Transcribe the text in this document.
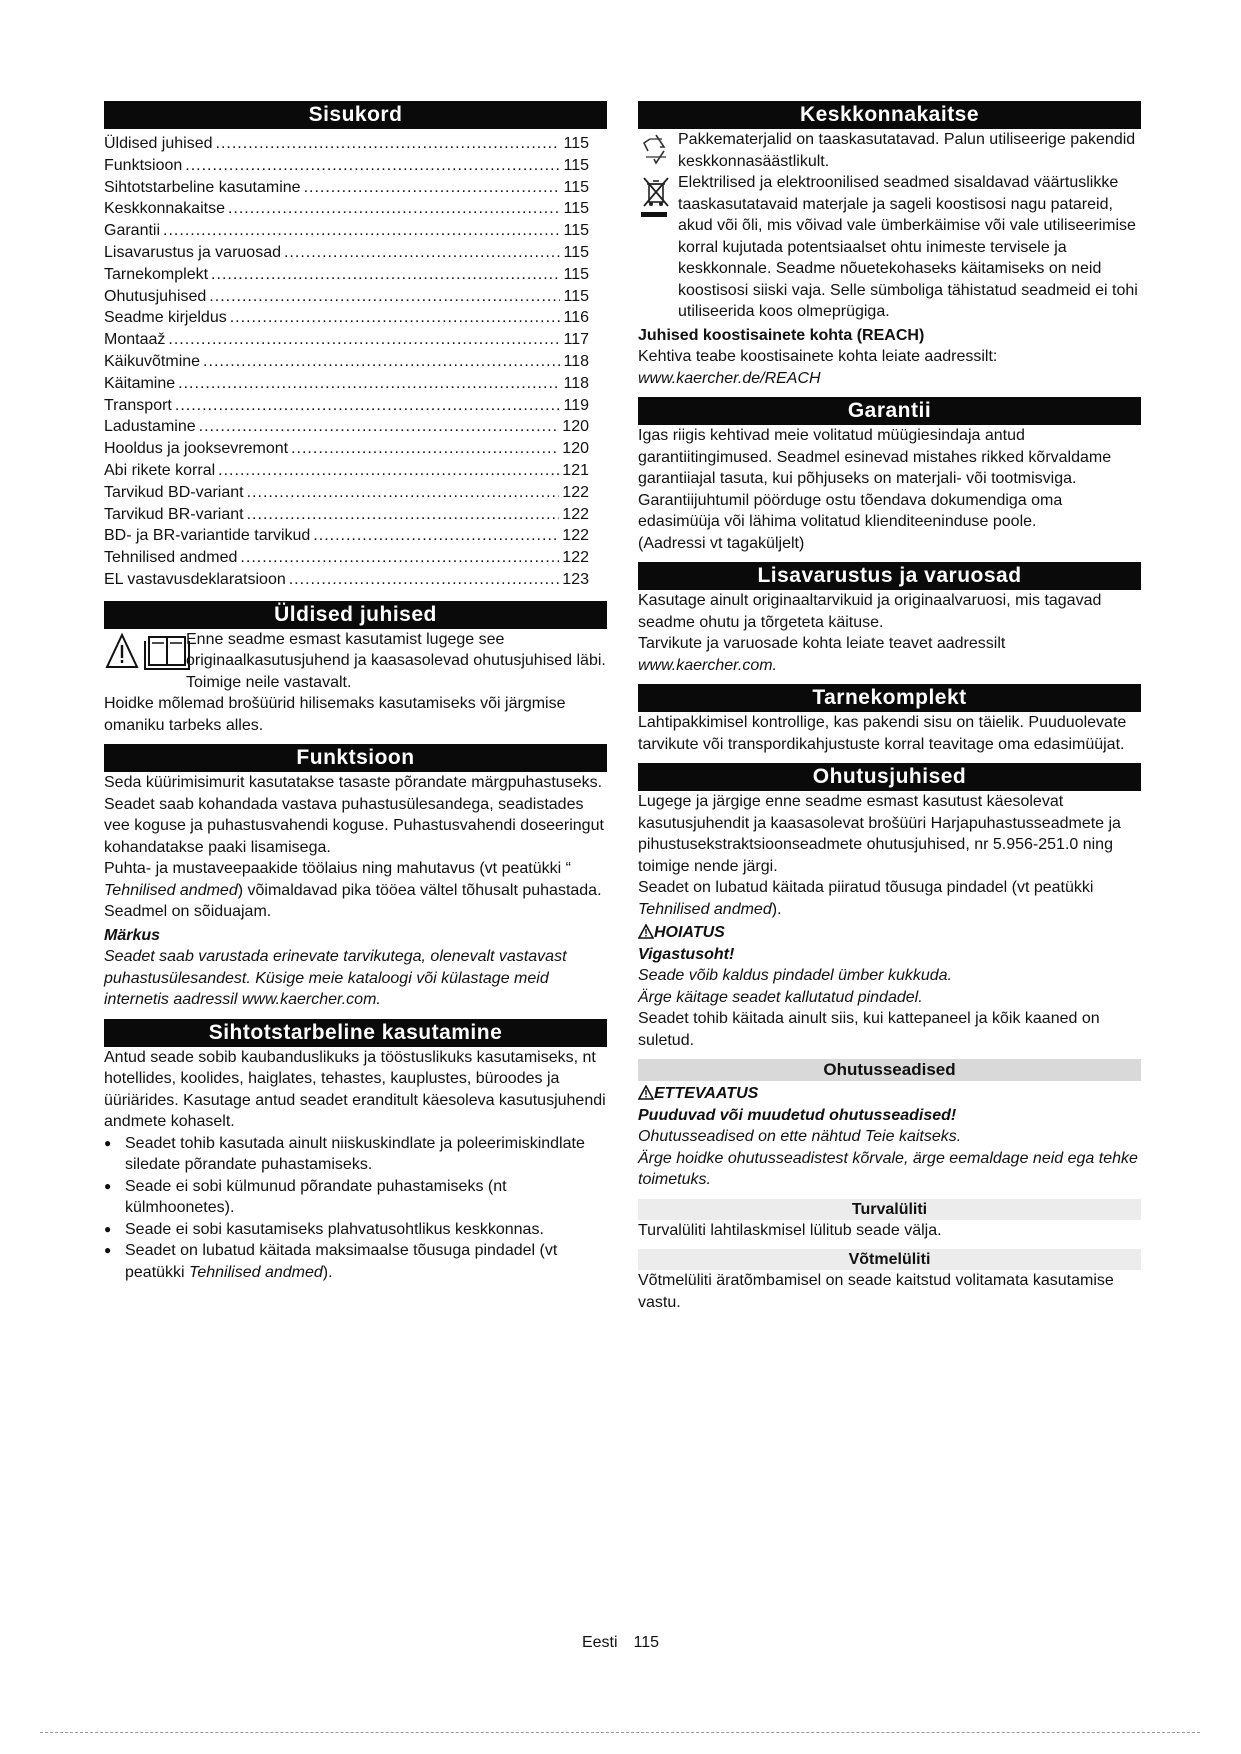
Sisukord
Üldised juhised .....	115
Funktsioon .....	115
Sihtotstarbeline kasutamine .....	115
Keskkonnakaitse .....	115
Garantii .....	115
Lisavarustus ja varuosad .....	115
Tarnekomplekt .....	115
Ohutusjuhised .....	115
Seadme kirjeldus .....	116
Montaaž .....	117
Käikuvõtmine .....	118
Käitamine .....	118
Transport .....	119
Ladustamine .....	120
Hooldus ja jooksevremont .....	120
Abi rikete korral .....	121
Tarvikud BD-variant .....	122
Tarvikud BR-variant .....	122
BD- ja BR-variantide tarvikud .....	122
Tehnilised andmed .....	122
EL vastavusdeklaratsioon .....	123
Üldised juhised

Enne seadme esmast kasutamist lugege see originaalkasutusjuhend ja kaasasolevad ohutusjuhised läbi. Toimige neile vastavalt.

Hoidke mõlemad brošüürid hilisemaks kasutamiseks või järgmise omaniku tarbeks alles.

Funktsioon

Seda küürimisimurit kasutatakse tasaste põrandate märgpuhastuseks.

Seadet saab kohandada vastava puhastusülesandega, seadistades vee koguse ja puhastusvahendi koguse. Puhastusvahendi doseeringut kohandatakse paaki lisamisega.

Puhta- ja mustaveepaakide töölaius ning mahutavus (vt peatükki “ Tehnilised andmed) võimaldavad pika tööea vältel tõhusalt puhastada.

Seadmel on sõiduajam.

Märkus

Seadet saab varustada erinevate tarvikutega, olenevalt vastavast puhastusülesandest. Küsige meie kataloogi või külastage meid internetis aadressil www.kaercher.com.

Sihtotstarbeline kasutamine

Antud seade sobib kaubanduslikuks ja tööstuslikuks kasutamiseks, nt hotellides, koolides, haiglates, tehastes, kauplustes, büroodes ja üüriärides. Kasutage antud seadet eranditult käesoleva kasutusjuhendi andmete kohaselt.

● Seadet tohib kasutada ainult niiskuskindlate ja poleerimiskindlate siledate põrandate puhastamiseks.
● Seade ei sobi külmunud põrandate puhastamiseks (nt külmhoonetes).
● Seade ei sobi kasutamiseks plahvatusohtlikus keskkonnas.
● Seadet on lubatud käitada maksimaalse tõusuga pindadel (vt peatükki Tehnilised andmed).
Keskkonnakaitse

Pakkematerjalid on taaskasutatavad. Palun utiliseerige pakendid keskkonnasäästlikult.

Elektrilised ja elektroonilised seadmed sisaldavad väärtuslikke taaskasutatavaid materjale ja sageli koostisosi nagu patareid, akud või õli, mis võivad vale ümberkäimise või vale utiliseerimise korral kujutada potentsiaalset ohtu inimeste tervisele ja keskkonnale. Seadme nõuetekohaseks käitamiseks on neid koostisosi siiski vaja. Selle sümboliga tähistatud seadmeid ei tohi utiliseerida koos olmeprügiga.

Juhised koostisainete kohta (REACH)

Kehtiva teabe koostisainete kohta leiate aadressilt:

www.kaercher.de/REACH

Garantii

Igas riigis kehtivad meie volitatud müügiesindaja antud garantiitingimused. Seadmel esinevad mistahes rikked kõrvaldame garantiiajal tasuta, kui põhjuseks on materjali- või tootmisviga. Garantiijuhtumil pöörduge ostu tõendava dokumendiga oma edasimüüja või lähima volitatud klienditeeninduse poole.

(Aadressi vt tagaküljelt)

Lisavarustus ja varuosad

Kasutage ainult originaaltarvikuid ja originaalvaruosi, mis tagavad seadme ohutu ja tõrgeteta käituse.

Tarvikute ja varuosade kohta leiate teavet aadressilt

www.kaercher.com.

Tarnekomplekt

Lahtipakkimisel kontrollige, kas pakendi sisu on täielik. Puuduolevate tarvikute või transpordikahjustuste korral teavitage oma edasimüüjat.

Ohutusjuhised

Lugege ja järgige enne seadme esmast kasutust käesolevat kasutusjuhendit ja kaasasolevat brošüüri Harjapuhastusseadmete ja pihustusekstraktsioonseadmete ohutusjuhised, nr 5.956-251.0 ning toimige nende järgi.

Seadet on lubatud käitada piiratud tõusuga pindadel (vt peatükki Tehnilised andmed).

HOIATUS

Vigastusoht!

Seade võib kaldus pindadel ümber kukkuda.

Ärge käitage seadet kallutatud pindadel.

Seadet tohib käitada ainult siis, kui kattepaneel ja kõik kaaned on suletud.

Ohutusseadised

ETTEVAATUS

Puuduvad või muudetud ohutusseadised!

Ohutusseadised on ette nähtud Teie kaitseks.

Ärge hoidke ohutusseadistest kõrvale, ärge eemaldage neid ega tehke toimetuks.

Turvalüliti

Turvalüliti lahtilaskmisel lülitub seade välja.

Võtmelüliti

Võtmelüliti äratõmbamisel on seade kaitstud volitamata kasutamise vastu.

Eesti 115
